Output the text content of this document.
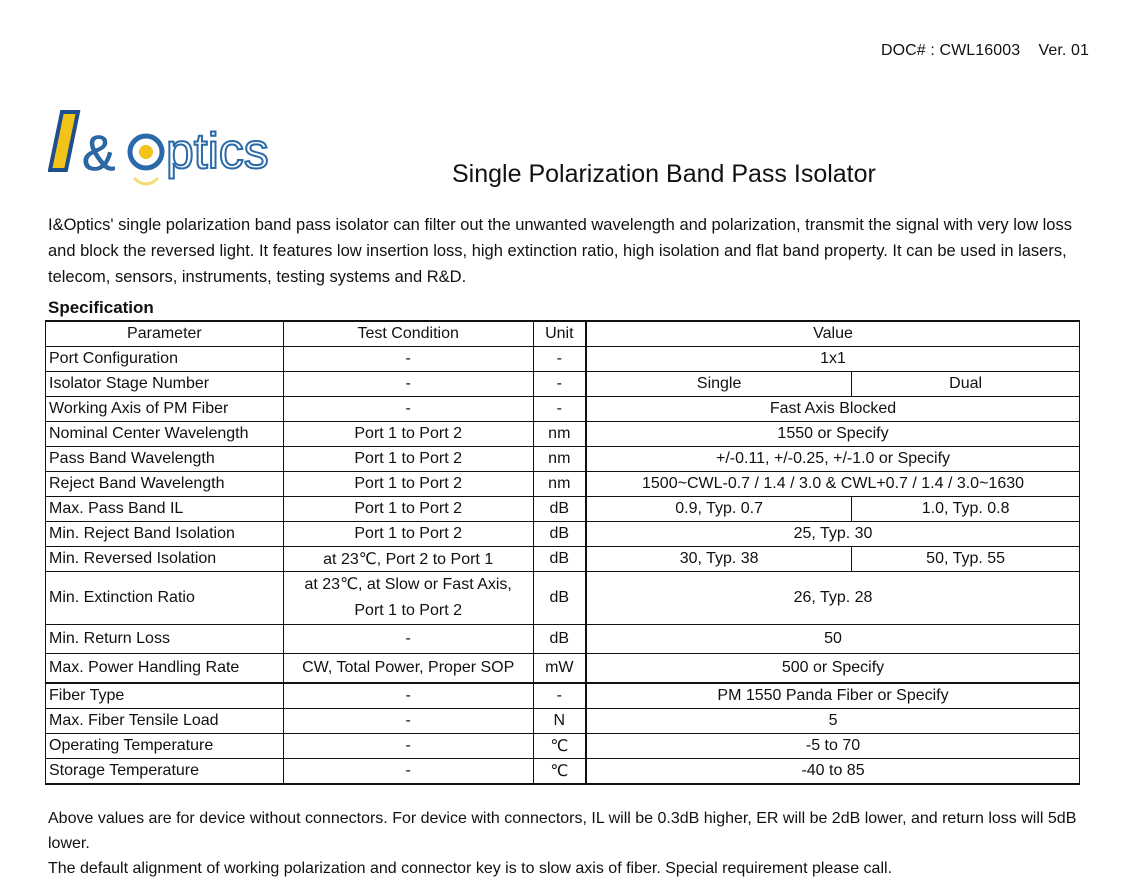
DOC# : CWL16003    Ver. 01
& ptics	Single Polarization Band Pass Isolator

I&Optics' single polarization band pass isolator can filter out the unwanted wavelength and polarization, transmit the signal with very low loss and block the reversed light. It features low insertion loss, high extinction ratio, high isolation and flat band property. It can be used in lasers, telecom, sensors, instruments, testing systems and R&D.

Specification
Parameter	Test Condition	Unit	Value	
Port Configuration	-	-	1x1	
Isolator Stage Number	-	-	Single	Dual
Working Axis of PM Fiber	-	-	Fast Axis Blocked	
Nominal Center Wavelength	Port 1 to Port 2	nm	1550 or Specify	
Pass Band Wavelength	Port 1 to Port 2	nm	+/-0.11, +/-0.25, +/-1.0 or Specify	
Reject Band Wavelength	Port 1 to Port 2	nm	1500~CWL-0.7 / 1.4 / 3.0 & CWL+0.7 / 1.4 / 3.0~1630	
Max. Pass Band IL	Port 1 to Port 2	dB	0.9, Typ. 0.7	1.0, Typ. 0.8
Min. Reject Band Isolation	Port 1 to Port 2	dB	25, Typ. 30	
Min. Reversed Isolation	at 23℃, Port 2 to Port 1	dB	30, Typ. 38	50, Typ. 55
Min. Extinction Ratio	at 23℃, at Slow or Fast Axis,
Port 1 to Port 2	dB	26, Typ. 28	
Min. Return Loss	-	dB	50	
Max. Power Handling Rate	CW, Total Power, Proper SOP	mW	500 or Specify	
Fiber Type	-	-	PM 1550 Panda Fiber or Specify	
Max. Fiber Tensile Load	-	N	5	
Operating Temperature	-	℃	-5 to 70	
Storage Temperature	-	℃	-40 to 85	

Above values are for device without connectors. For device with connectors, IL will be 0.3dB higher, ER will be 2dB lower, and return loss will 5dB lower.

The default alignment of working polarization and connector key is to slow axis of fiber. Special requirement please call.
